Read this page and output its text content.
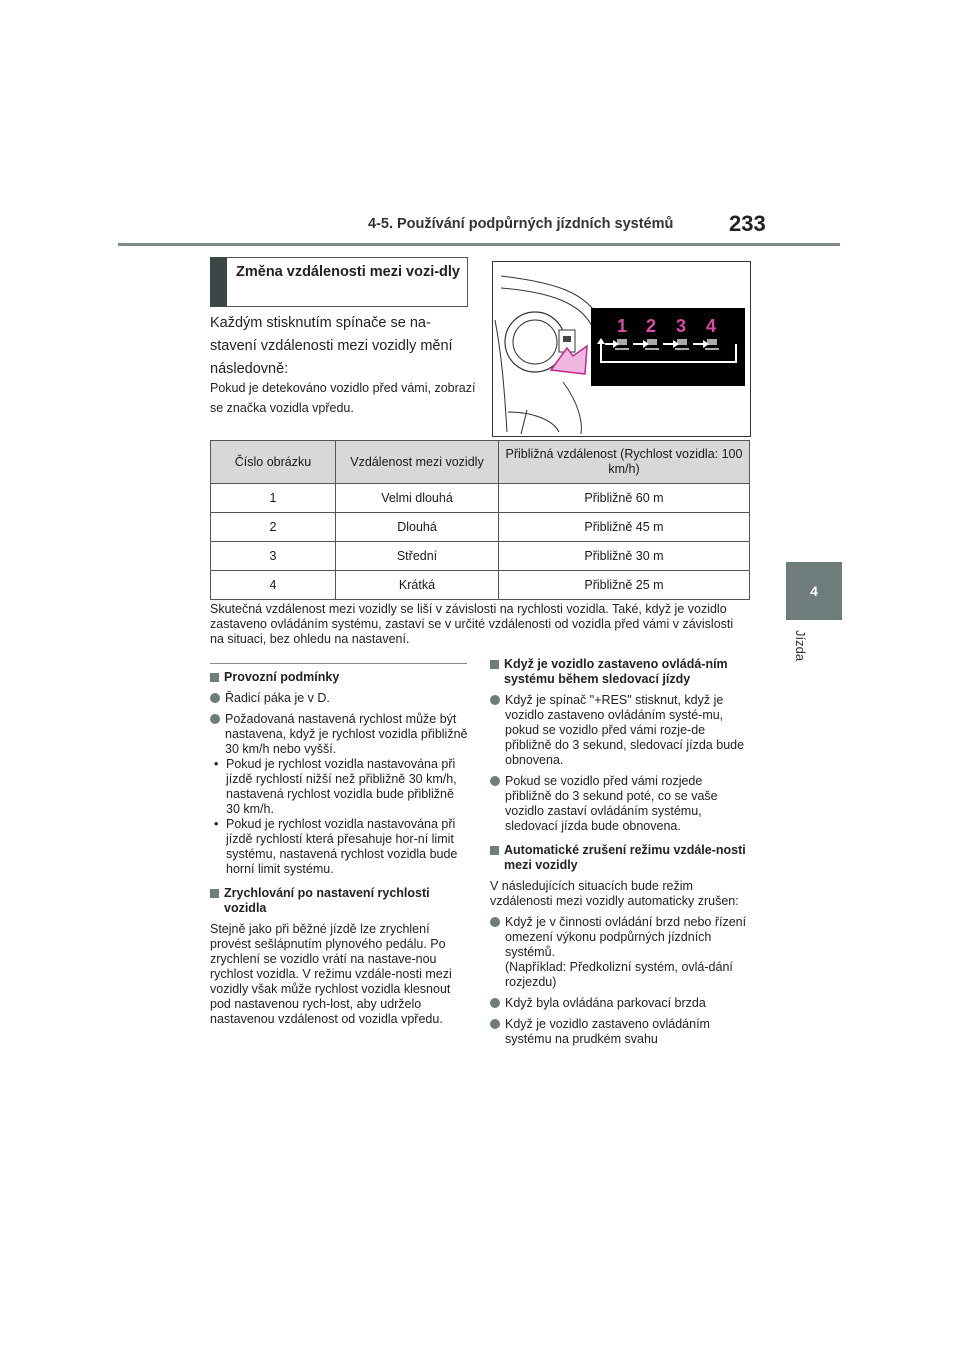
4-5. Používání podpůrných jízdních systémů	233
4
Jízda
Změna vzdálenosti mezi vozi-dly
Každým stisknutím spínače se na-stavení vzdálenosti mezi vozidly mění následovně:
Pokud je detekováno vozidlo před vámi, zobrazí se značka vozidla vpředu.
1 2 3 4
Číslo obrázku	Vzdálenost mezi vozidly	Přibližná vzdálenost (Rychlost vozidla: 100 km/h)
1	Velmi dlouhá	Přibližně 60 m
2	Dlouhá	Přibližně 45 m
3	Střední	Přibližně 30 m
4	Krátká	Přibližně 25 m
Skutečná vzdálenost mezi vozidly se liší v závislosti na rychlosti vozidla. Také, když je vozidlo zastaveno ovládáním systému, zastaví se v určité vzdálenosti od vozidla před vámi v závislosti na situaci, bez ohledu na nastavení.
Provozní podmínky
Řadicí páka je v D.
Požadovaná nastavená rychlost může být nastavena, když je rychlost vozidla přibližně 30 km/h nebo vyšší.
• Pokud je rychlost vozidla nastavována při jízdě rychlostí nižší než přibližně 30 km/h, nastavená rychlost vozidla bude přibližně 30 km/h.
• Pokud je rychlost vozidla nastavována při jízdě rychlostí která přesahuje hor-ní limit systému, nastavená rychlost vozidla bude horní limit systému.
Zrychlování po nastavení rychlosti vozidla
Stejně jako při běžné jízdě lze zrychlení provést sešlápnutím plynového pedálu. Po zrychlení se vozidlo vrátí na nastave-nou rychlost vozidla. V režimu vzdále-nosti mezi vozidly však může rychlost vozidla klesnout pod nastavenou rych-lost, aby udrželo nastavenou vzdálenost od vozidla vpředu.
Když je vozidlo zastaveno ovládá-ním systému během sledovací jízdy
Když je spínač "+RES" stisknut, když je vozidlo zastaveno ovládáním systé-mu, pokud se vozidlo před vámi rozje-de přibližně do 3 sekund, sledovací jízda bude obnovena.
Pokud se vozidlo před vámi rozjede přibližně do 3 sekund poté, co se vaše vozidlo zastaví ovládáním systému, sledovací jízda bude obnovena.
Automatické zrušení režimu vzdále-nosti mezi vozidly
V následujících situacích bude režim vzdálenosti mezi vozidly automaticky zrušen:
Když je v činnosti ovládání brzd nebo řízení omezení výkonu podpůrných jízdních systémů.
(Například: Předkolizní systém, ovlá-dání rozjezdu)
Když byla ovládána parkovací brzda
Když je vozidlo zastaveno ovládáním systému na prudkém svahu
